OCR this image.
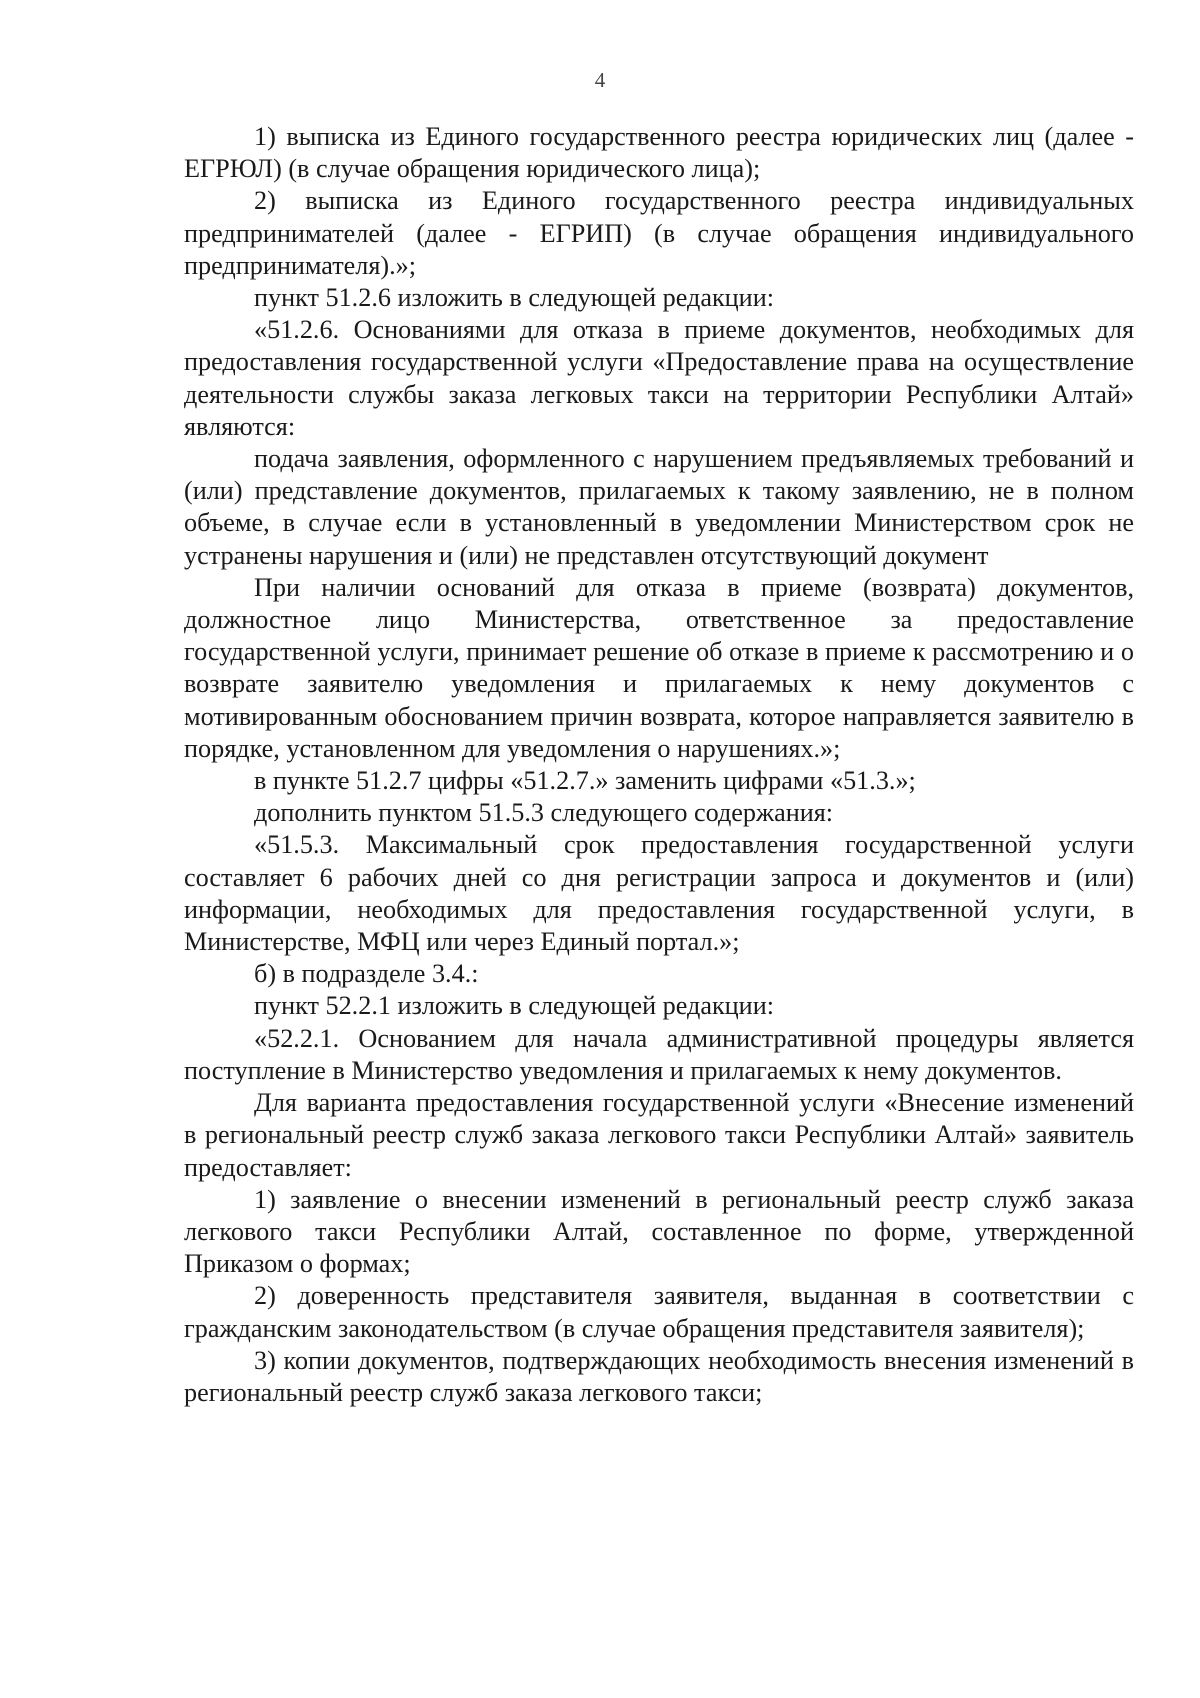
4

1) выписка из Единого государственного реестра юридических лиц (далее - ЕГРЮЛ) (в случае обращения юридического лица);

2) выписка из Единого государственного реестра индивидуальных предпринимателей (далее - ЕГРИП) (в случае обращения индивидуального предпринимателя).»;

пункт 51.2.6 изложить в следующей редакции:

«51.2.6. Основаниями для отказа в приеме документов, необходимых для предоставления государственной услуги «Предоставление права на осуществление деятельности службы заказа легковых такси на территории Республики Алтай» являются:

подача заявления, оформленного с нарушением предъявляемых требований и (или) представление документов, прилагаемых к такому заявлению, не в полном объеме, в случае если в установленный в уведомлении Министерством срок не устранены нарушения и (или) не представлен отсутствующий документ

При наличии оснований для отказа в приеме (возврата) документов, должностное лицо Министерства, ответственное за предоставление государственной услуги, принимает решение об отказе в приеме к рассмотрению и о возврате заявителю уведомления и прилагаемых к нему документов с мотивированным обоснованием причин возврата, которое направляется заявителю в порядке, установленном для уведомления о нарушениях.»;

в пункте 51.2.7 цифры «51.2.7.» заменить цифрами «51.3.»;

дополнить пунктом 51.5.3 следующего содержания:

«51.5.3. Максимальный срок предоставления государственной услуги составляет 6 рабочих дней со дня регистрации запроса и документов и (или) информации, необходимых для предоставления государственной услуги, в Министерстве, МФЦ или через Единый портал.»;

б) в подразделе 3.4.:

пункт 52.2.1 изложить в следующей редакции:

«52.2.1. Основанием для начала административной процедуры является поступление в Министерство уведомления и прилагаемых к нему документов.

Для варианта предоставления государственной услуги «Внесение изменений в региональный реестр служб заказа легкового такси Республики Алтай» заявитель предоставляет:

1) заявление о внесении изменений в региональный реестр служб заказа легкового такси Республики Алтай, составленное по форме, утвержденной Приказом о формах;

2) доверенность представителя заявителя, выданная в соответствии с гражданским законодательством (в случае обращения представителя заявителя);

3) копии документов, подтверждающих необходимость внесения изменений в региональный реестр служб заказа легкового такси;
